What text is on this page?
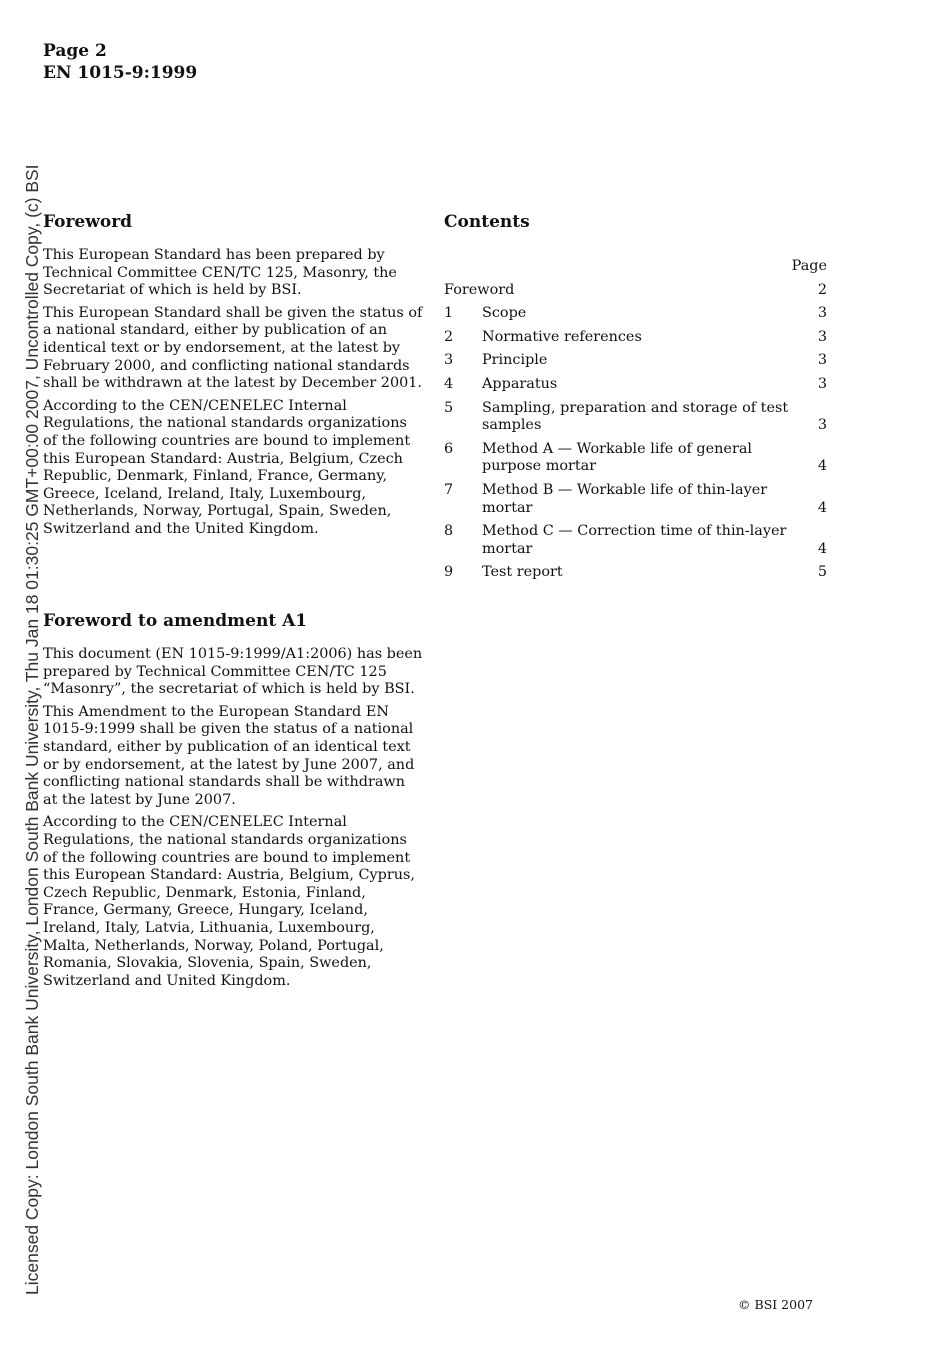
Licensed Copy: London South Bank University, London South Bank University, Thu Jan 18 01:30:25 GMT+00:00 2007, Uncontrolled Copy, (c) BSI
Page 2
EN 1015-9:1999
Foreword

This European Standard has been prepared by Technical Committee CEN/TC 125, Masonry, the Secretariat of which is held by BSI.

This European Standard shall be given the status of a national standard, either by publication of an identical text or by endorsement, at the latest by February 2000, and conflicting national standards shall be withdrawn at the latest by December 2001.

According to the CEN/CENELEC Internal Regulations, the national standards organizations of the following countries are bound to implement this European Standard: Austria, Belgium, Czech Republic, Denmark, Finland, France, Germany, Greece, Iceland, Ireland, Italy, Luxembourg, Netherlands, Norway, Portugal, Spain, Sweden, Switzerland and the United Kingdom.

Foreword to amendment A1

This document (EN 1015-9:1999/A1:2006) has been prepared by Technical Committee CEN/TC 125 “Masonry”, the secretariat of which is held by BSI.

This Amendment to the European Standard EN 1015-9:1999 shall be given the status of a national standard, either by publication of an identical text or by endorsement, at the latest by June 2007, and conflicting national standards shall be withdrawn at the latest by June 2007.

According to the CEN/CENELEC Internal Regulations, the national standards organizations of the following countries are bound to implement this European Standard: Austria, Belgium, Cyprus, Czech Republic, Denmark, Estonia, Finland, France, Germany, Greece, Hungary, Iceland, Ireland, Italy, Latvia, Lithuania, Luxembourg, Malta, Netherlands, Norway, Poland, Portugal, Romania, Slovakia, Slovenia, Spain, Sweden, Switzerland and United Kingdom.

Contents
Page
Foreword	2
1	Scope	3
2	Normative references	3
3	Principle	3
4	Apparatus	3
5	Sampling, preparation and storage of test samples	3
6	Method A — Workable life of general purpose mortar	4
7	Method B — Workable life of thin-layer mortar	4
8	Method C — Correction time of thin-layer mortar	4
9	Test report	5
© BSI 2007
